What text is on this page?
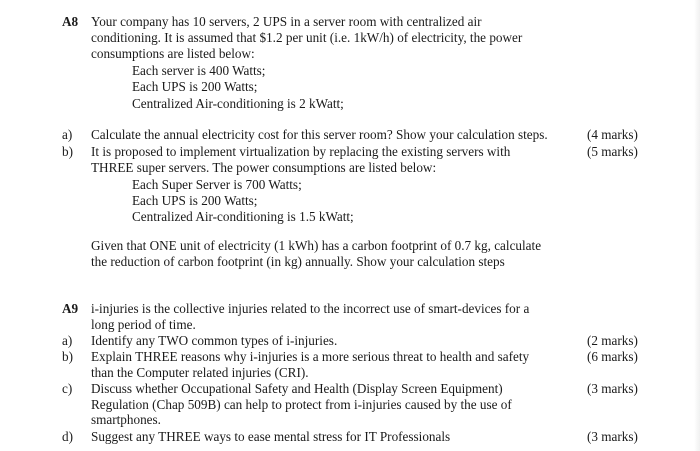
A8 Your company has 10 servers, 2 UPS in a server room with centralized air
conditioning. It is assumed that $1.2 per unit (i.e. 1kW/h) of electricity, the power
consumptions are listed below:
Each server is 400 Watts;
Each UPS is 200 Watts;
Centralized Air-conditioning is 2 kWatt;
a) Calculate the annual electricity cost for this server room? Show your calculation steps.	(4 marks)
b) It is proposed to implement virtualization by replacing the existing servers with	(5 marks)
THREE super servers. The power consumptions are listed below:
Each Super Server is 700 Watts;
Each UPS is 200 Watts;
Centralized Air-conditioning is 1.5 kWatt;
Given that ONE unit of electricity (1 kWh) has a carbon footprint of 0.7 kg, calculate
the reduction of carbon footprint (in kg) annually. Show your calculation steps
A9 i-injuries is the collective injuries related to the incorrect use of smart-devices for a
long period of time.
a) Identify any TWO common types of i-injuries.	(2 marks)
b) Explain THREE reasons why i-injuries is a more serious threat to health and safety	(6 marks)
than the Computer related injuries (CRI).
c) Discuss whether Occupational Safety and Health (Display Screen Equipment)	(3 marks)
Regulation (Chap 509B) can help to protect from i-injuries caused by the use of
smartphones.
d) Suggest any THREE ways to ease mental stress for IT Professionals	(3 marks)
